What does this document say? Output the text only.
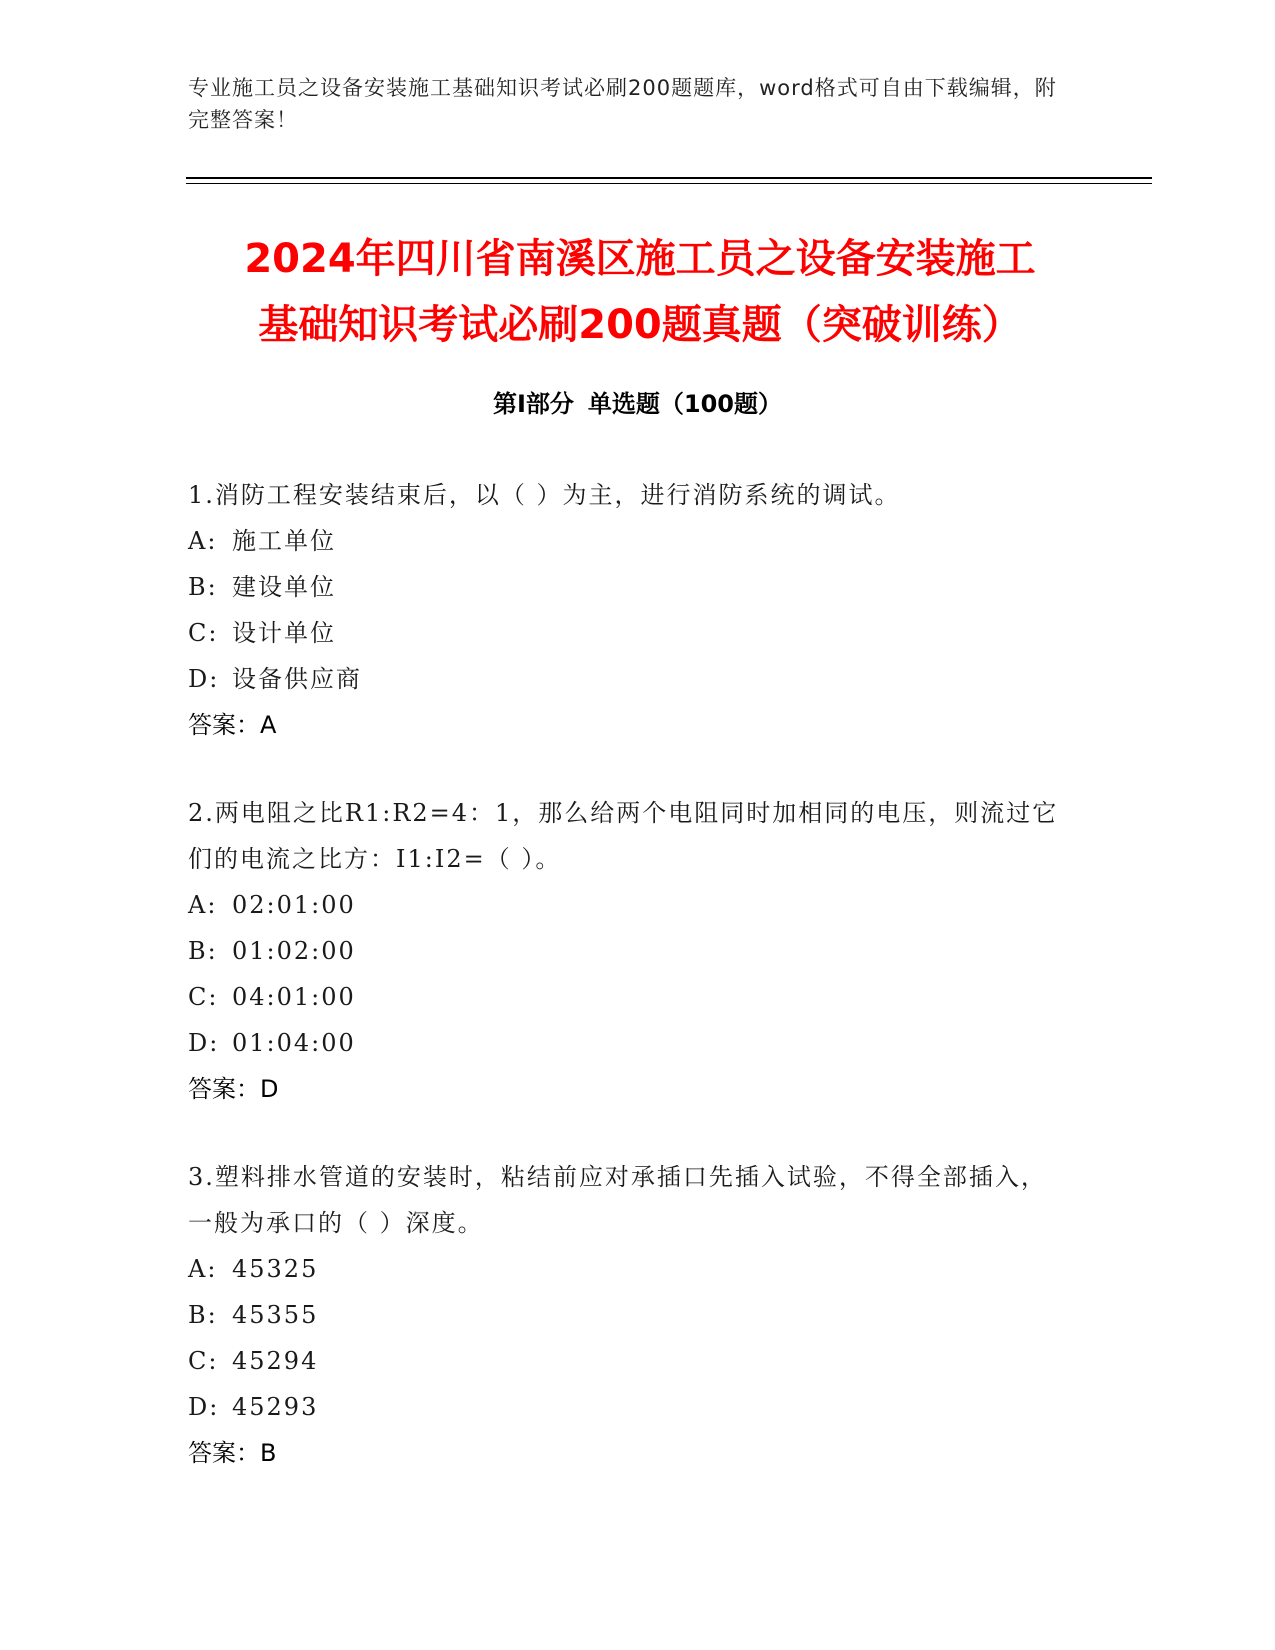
专业施工员之设备安装施工基础知识考试必刷200题题库，word格式可自由下载编辑，附完整答案！
2024年四川省南溪区施工员之设备安装施工
基础知识考试必刷200题真题（突破训练）
第Ⅰ部分 单选题（100题）
1.消防工程安装结束后，以（ ）为主，进行消防系统的调试。
A: 施工单位
B: 建设单位
C: 设计单位
D: 设备供应商
答案：A
2.两电阻之比R1:R2=4：1，那么给两个电阻同时加相同的电压，则流过它们的电流之比方：I1:I2=（ ）。
A: 02:01:00
B: 01:02:00
C: 04:01:00
D: 01:04:00
答案：D
3.塑料排水管道的安装时，粘结前应对承插口先插入试验，不得全部插入，一般为承口的（ ）深度。
A: 45325
B: 45355
C: 45294
D: 45293
答案：B
